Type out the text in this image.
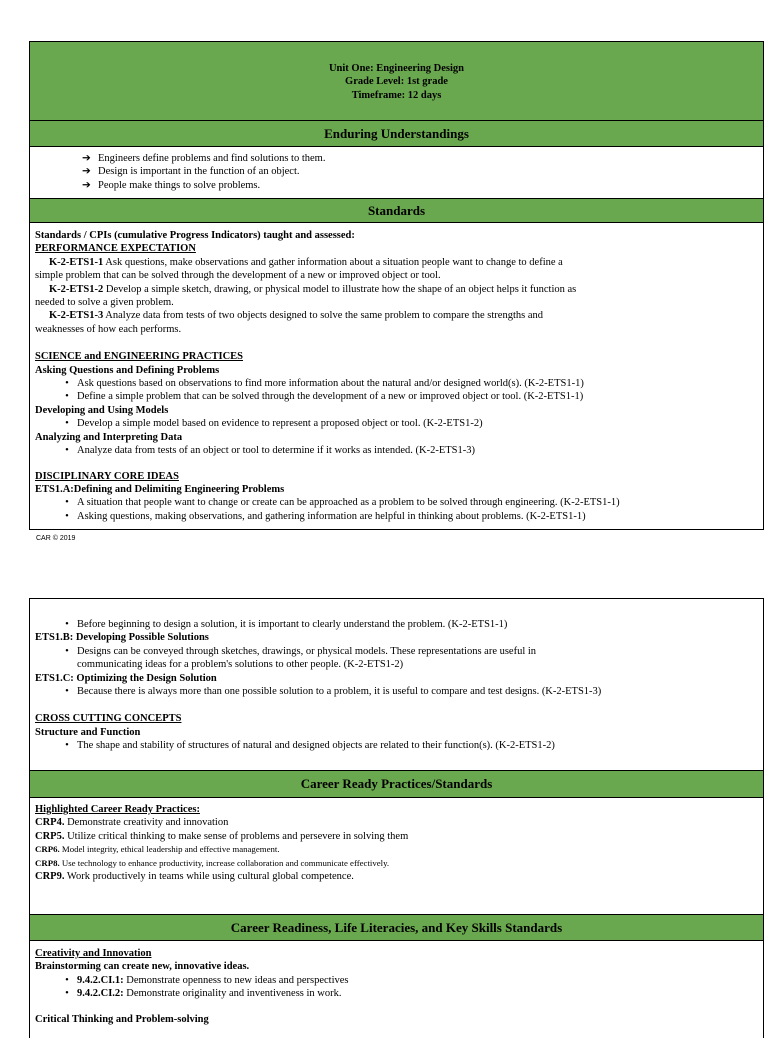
Unit One: Engineering Design
Grade Level: 1st grade
Timeframe: 12 days
Enduring Understandings
➔ Engineers define problems and find solutions to them.
➔ Design is important in the function of an object.
➔ People make things to solve problems.
Standards
Standards / CPIs (cumulative Progress Indicators) taught and assessed:
PERFORMANCE EXPECTATION
K-2-ETS1-1 Ask questions, make observations and gather information about a situation people want to change to define a
simple problem that can be solved through the development of a new or improved object or tool.
K-2-ETS1-2 Develop a simple sketch, drawing, or physical model to illustrate how the shape of an object helps it function as
needed to solve a given problem.
K-2-ETS1-3 Analyze data from tests of two objects designed to solve the same problem to compare the strengths and
weaknesses of how each performs.
SCIENCE and ENGINEERING PRACTICES
Asking Questions and Defining Problems
• Ask questions based on observations to find more information about the natural and/or designed world(s). (K-2-ETS1-1)
• Define a simple problem that can be solved through the development of a new or improved object or tool. (K-2-ETS1-1)
Developing and Using Models
• Develop a simple model based on evidence to represent a proposed object or tool. (K-2-ETS1-2)
Analyzing and Interpreting Data
• Analyze data from tests of an object or tool to determine if it works as intended. (K-2-ETS1-3)
DISCIPLINARY CORE IDEAS
ETS1.A:Defining and Delimiting Engineering Problems
• A situation that people want to change or create can be approached as a problem to be solved through engineering. (K-2-ETS1-1)
• Asking questions, making observations, and gathering information are helpful in thinking about problems. (K-2-ETS1-1)
CAR © 2019
• Before beginning to design a solution, it is important to clearly understand the problem. (K-2-ETS1-1)
ETS1.B: Developing Possible Solutions
• Designs can be conveyed through sketches, drawings, or physical models. These representations are useful in
communicating ideas for a problem's solutions to other people. (K-2-ETS1-2)
ETS1.C: Optimizing the Design Solution
• Because there is always more than one possible solution to a problem, it is useful to compare and test designs. (K-2-ETS1-3)
CROSS CUTTING CONCEPTS
Structure and Function
• The shape and stability of structures of natural and designed objects are related to their function(s). (K-2-ETS1-2)
Career Ready Practices/Standards
Highlighted Career Ready Practices:
CRP4. Demonstrate creativity and innovation
CRP5. Utilize critical thinking to make sense of problems and persevere in solving them
CRP6. Model integrity, ethical leadership and effective management.
CRP8. Use technology to enhance productivity, increase collaboration and communicate effectively.
CRP9. Work productively in teams while using cultural global competence.
Career Readiness, Life Literacies, and Key Skills Standards
Creativity and Innovation
Brainstorming can create new, innovative ideas.
• 9.4.2.CI.1: Demonstrate openness to new ideas and perspectives
• 9.4.2.CI.2: Demonstrate originality and inventiveness in work.
Critical Thinking and Problem-solving
